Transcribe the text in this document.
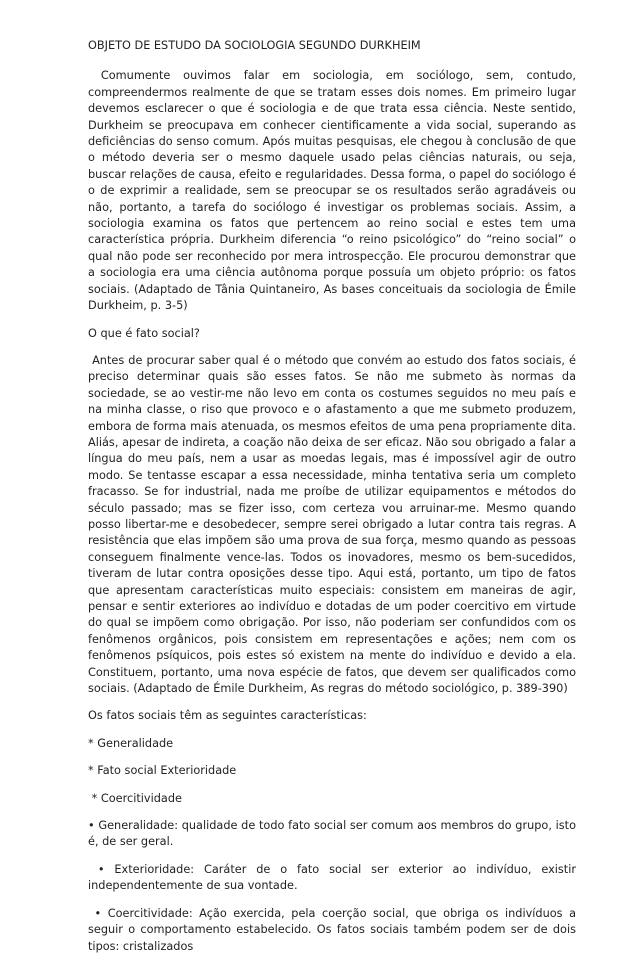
OBJETO DE ESTUDO DA SOCIOLOGIA SEGUNDO DURKHEIM

Comumente ouvimos falar em sociologia, em sociólogo, sem, contudo, compreendermos realmente de que se tratam esses dois nomes. Em primeiro lugar devemos esclarecer o que é sociologia e de que trata essa ciência. Neste sentido, Durkheim se preocupava em conhecer cientificamente a vida social, superando as deficiências do senso comum. Após muitas pesquisas, ele chegou à conclusão de que o método deveria ser o mesmo daquele usado pelas ciências naturais, ou seja, buscar relações de causa, efeito e regularidades. Dessa forma, o papel do sociólogo é o de exprimir a realidade, sem se preocupar se os resultados serão agradáveis ou não, portanto, a tarefa do sociólogo é investigar os problemas sociais. Assim, a sociologia examina os fatos que pertencem ao reino social e estes tem uma característica própria. Durkheim diferencia “o reino psicológico” do “reino social” o qual não pode ser reconhecido por mera introspecção. Ele procurou demonstrar que a sociologia era uma ciência autônoma porque possuía um objeto próprio: os fatos sociais. (Adaptado de Tânia Quintaneiro, As bases conceituais da sociologia de Émile Durkheim, p. 3-5)

O que é fato social?

Antes de procurar saber qual é o método que convém ao estudo dos fatos sociais, é preciso determinar quais são esses fatos. Se não me submeto às normas da sociedade, se ao vestir-me não levo em conta os costumes seguidos no meu país e na minha classe, o riso que provoco e o afastamento a que me submeto produzem, embora de forma mais atenuada, os mesmos efeitos de uma pena propriamente dita. Aliás, apesar de indireta, a coação não deixa de ser eficaz. Não sou obrigado a falar a língua do meu país, nem a usar as moedas legais, mas é impossível agir de outro modo. Se tentasse escapar a essa necessidade, minha tentativa seria um completo fracasso. Se for industrial, nada me proíbe de utilizar equipamentos e métodos do século passado; mas se fizer isso, com certeza vou arruinar-me. Mesmo quando posso libertar-me e desobedecer, sempre serei obrigado a lutar contra tais regras. A resistência que elas impõem são uma prova de sua força, mesmo quando as pessoas conseguem finalmente vence-las. Todos os inovadores, mesmo os bem-sucedidos, tiveram de lutar contra oposições desse tipo. Aqui está, portanto, um tipo de fatos que apresentam características muito especiais: consistem em maneiras de agir, pensar e sentir exteriores ao indivíduo e dotadas de um poder coercitivo em virtude do qual se impõem como obrigação. Por isso, não poderiam ser confundidos com os fenômenos orgânicos, pois consistem em representações e ações; nem com os fenômenos psíquicos, pois estes só existem na mente do indivíduo e devido a ela. Constituem, portanto, uma nova espécie de fatos, que devem ser qualificados como sociais. (Adaptado de Émile Durkheim, As regras do método sociológico, p. 389-390)

Os fatos sociais têm as seguintes características:

* Generalidade

* Fato social Exterioridade

* Coercitividade

• Generalidade: qualidade de todo fato social ser comum aos membros do grupo, isto é, de ser geral.

• Exterioridade: Caráter de o fato social ser exterior ao indivíduo, existir independentemente de sua vontade.

• Coercitividade: Ação exercida, pela coerção social, que obriga os indivíduos a seguir o comportamento estabelecido. Os fatos sociais também podem ser de dois tipos: cristalizados
